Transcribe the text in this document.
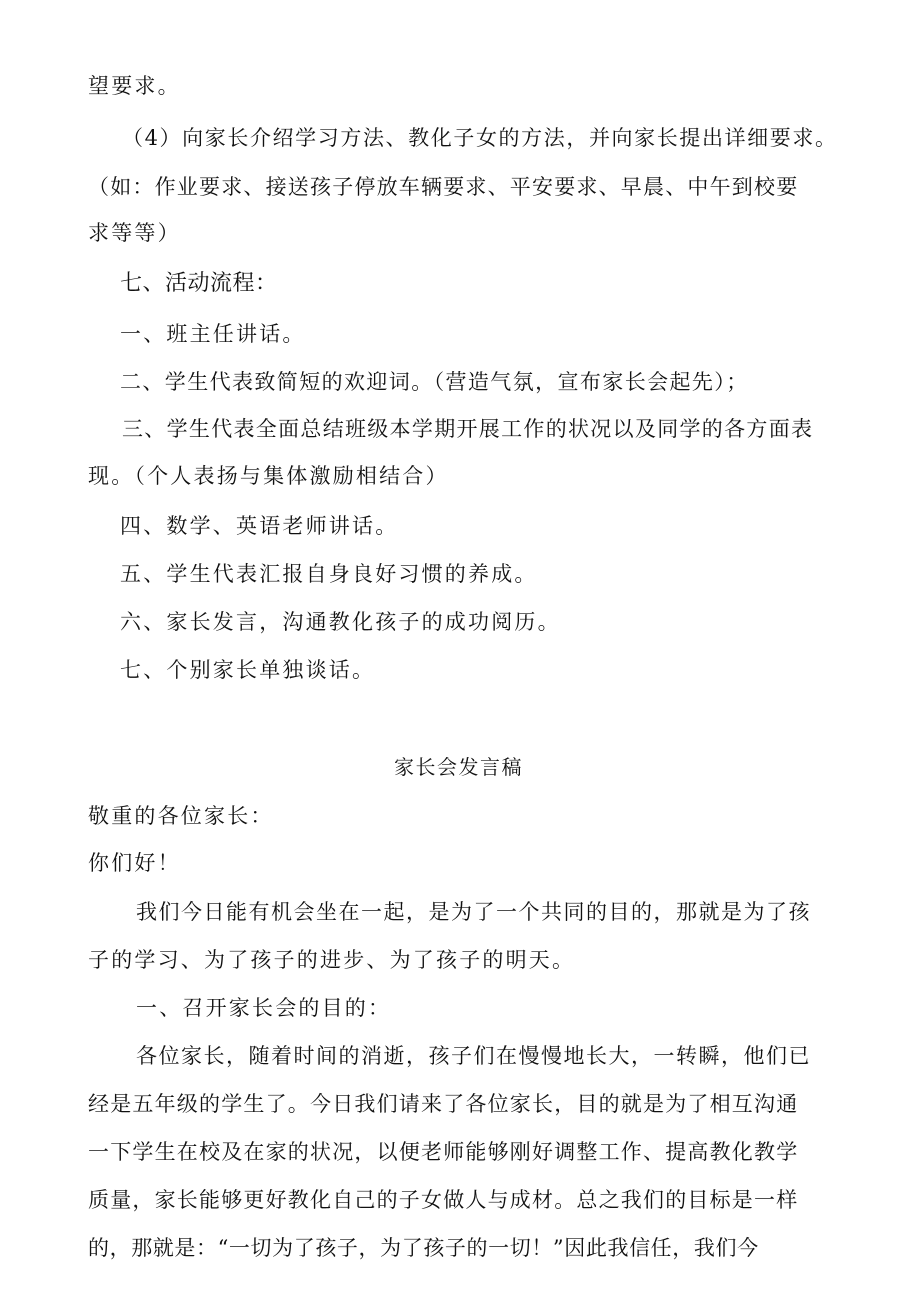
望要求。
（4）向家长介绍学习方法、教化子女的方法，并向家长提出详细要求。
（如：作业要求、接送孩子停放车辆要求、平安要求、早晨、中午到校要
求等等）
七、活动流程：
一、班主任讲话。
二、学生代表致简短的欢迎词。（营造气氛，宣布家长会起先）；
三、学生代表全面总结班级本学期开展工作的状况以及同学的各方面表
现。（个人表扬与集体激励相结合）
四、数学、英语老师讲话。
五、学生代表汇报自身良好习惯的养成。
六、家长发言，沟通教化孩子的成功阅历。
七、个别家长单独谈话。
家长会发言稿
敬重的各位家长：
你们好！
我们今日能有机会坐在一起，是为了一个共同的目的，那就是为了孩
子的学习、为了孩子的进步、为了孩子的明天。
一、召开家长会的目的：
各位家长，随着时间的消逝，孩子们在慢慢地长大，一转瞬，他们已
经是五年级的学生了。今日我们请来了各位家长，目的就是为了相互沟通
一下学生在校及在家的状况，以便老师能够刚好调整工作、提高教化教学
质量，家长能够更好教化自己的子女做人与成材。总之我们的目标是一样
的，那就是：“一切为了孩子，为了孩子的一切！”因此我信任，我们今
